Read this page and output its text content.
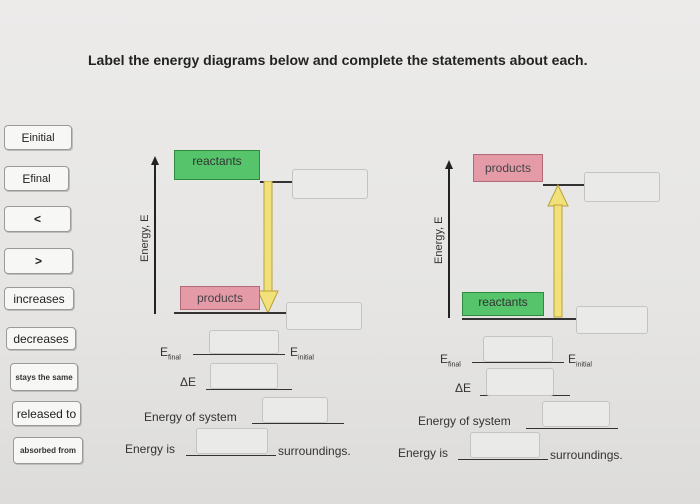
Label the energy diagrams below and complete the statements about each.
E initial
E final
<
>
increases
decreases
stays the same
released to
absorbed from
Energy, E
reactants
products
$E_{final}$	$E_{initial}$
ΔE
Energy of system
Energy is	surroundings.
Energy, E
products
reactants
$E_{final}$	$E_{initial}$
ΔE
Energy of system
Energy is	surroundings.
